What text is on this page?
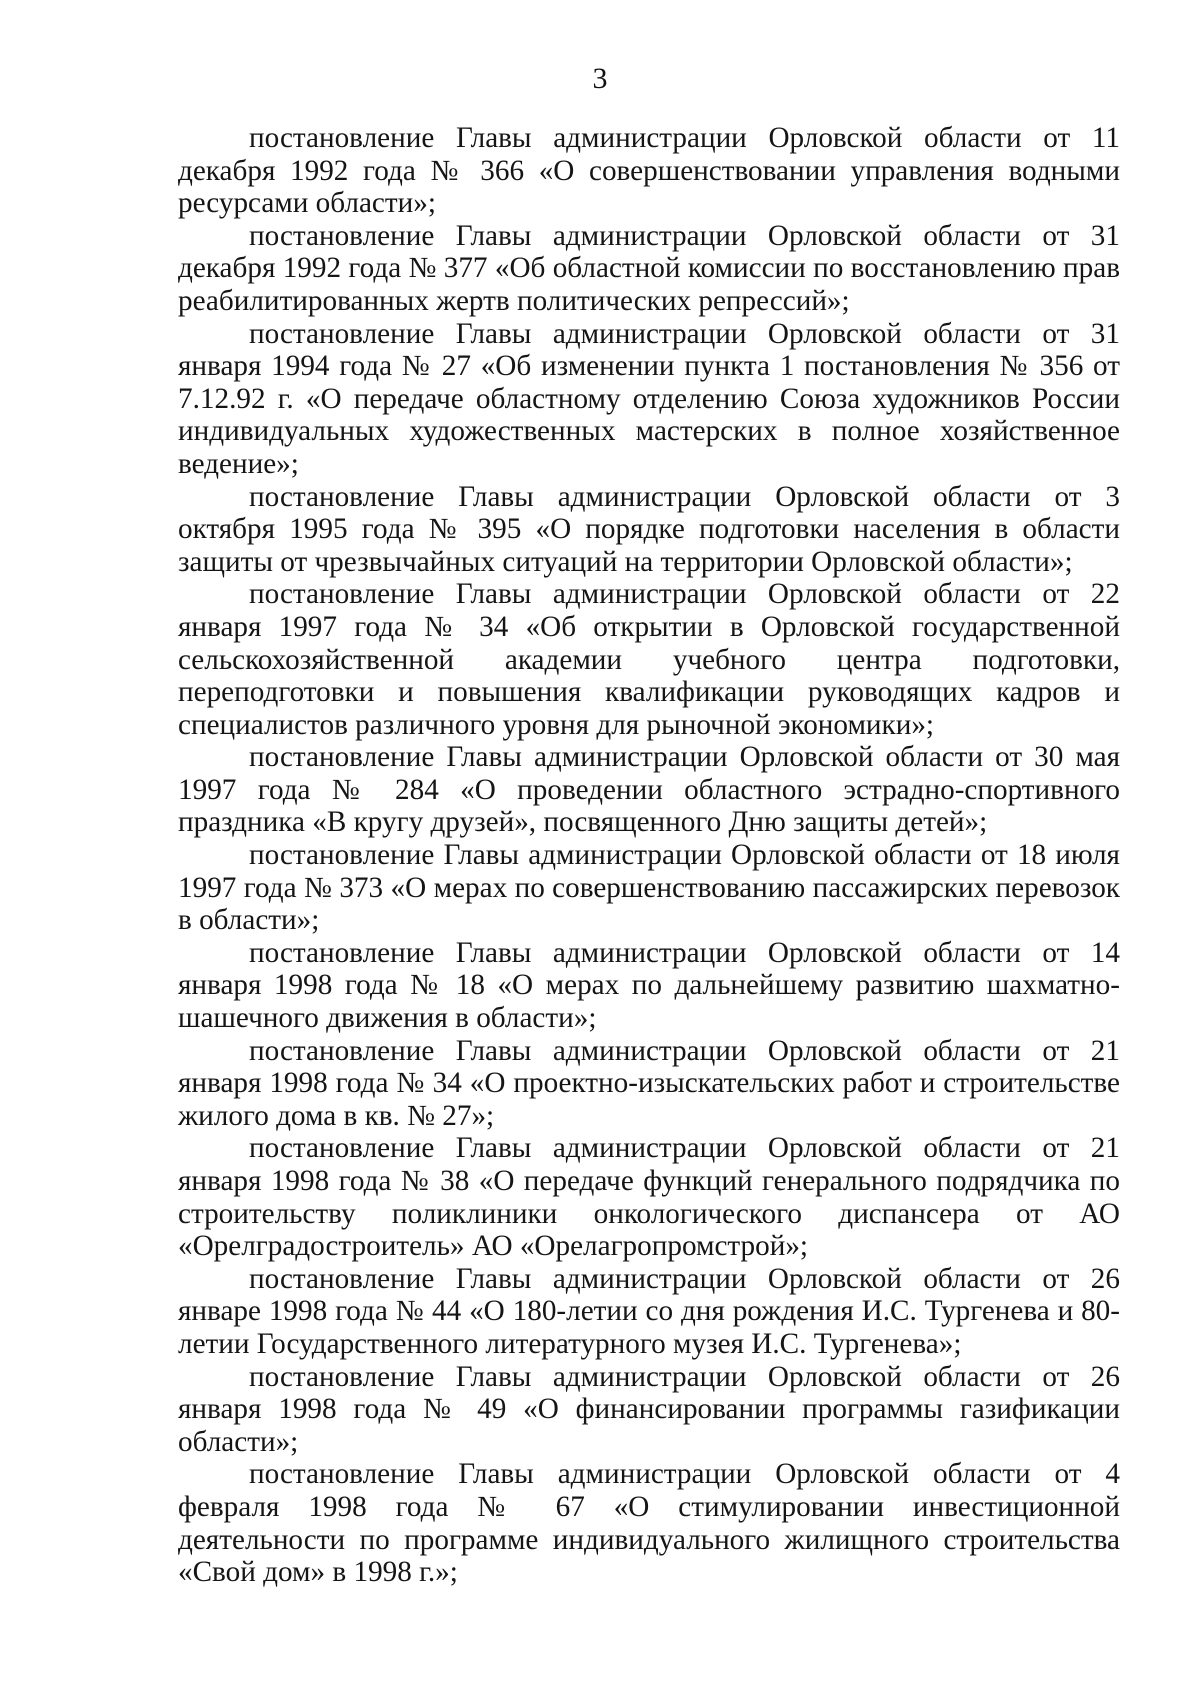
3

постановление Главы администрации Орловской области от 11 декабря 1992 года № 366 «О совершенствовании управления водными ресурсами области»;

постановление Главы администрации Орловской области от 31 декабря 1992 года № 377 «Об областной комиссии по восстановлению прав реабилитированных жертв политических репрессий»;

постановление Главы администрации Орловской области от 31 января 1994 года № 27 «Об изменении пункта 1 постановления № 356 от 7.12.92 г. «О передаче областному отделению Союза художников России индивидуальных художественных мастерских в полное хозяйственное ведение»;

постановление Главы администрации Орловской области от 3 октября 1995 года № 395 «О порядке подготовки населения в области защиты от чрезвычайных ситуаций на территории Орловской области»;

постановление Главы администрации Орловской области от 22 января 1997 года № 34 «Об открытии в Орловской государственной сельскохозяйственной академии учебного центра подготовки, переподготовки и повышения квалификации руководящих кадров и специалистов различного уровня для рыночной экономики»;

постановление Главы администрации Орловской области от 30 мая 1997 года № 284 «О проведении областного эстрадно-спортивного праздника «В кругу друзей», посвященного Дню защиты детей»;

постановление Главы администрации Орловской области от 18 июля 1997 года № 373 «О мерах по совершенствованию пассажирских перевозок в области»;

постановление Главы администрации Орловской области от 14 января 1998 года № 18 «О мерах по дальнейшему развитию шахматно-шашечного движения в области»;

постановление Главы администрации Орловской области от 21 января 1998 года № 34 «О проектно-изыскательских работ и строительстве жилого дома в кв. № 27»;

постановление Главы администрации Орловской области от 21 января 1998 года № 38 «О передаче функций генерального подрядчика по строительству поликлиники онкологического диспансера от АО «Орелградостроитель» АО «Орелагропромстрой»;

постановление Главы администрации Орловской области от 26 январе 1998 года № 44 «О 180-летии со дня рождения И.С. Тургенева и 80-летии Государственного литературного музея И.С. Тургенева»;

постановление Главы администрации Орловской области от 26 января 1998 года № 49 «О финансировании программы газификации области»;

постановление Главы администрации Орловской области от 4 февраля 1998 года № 67 «О стимулировании инвестиционной деятельности по программе индивидуального жилищного строительства «Свой дом» в 1998 г.»;
